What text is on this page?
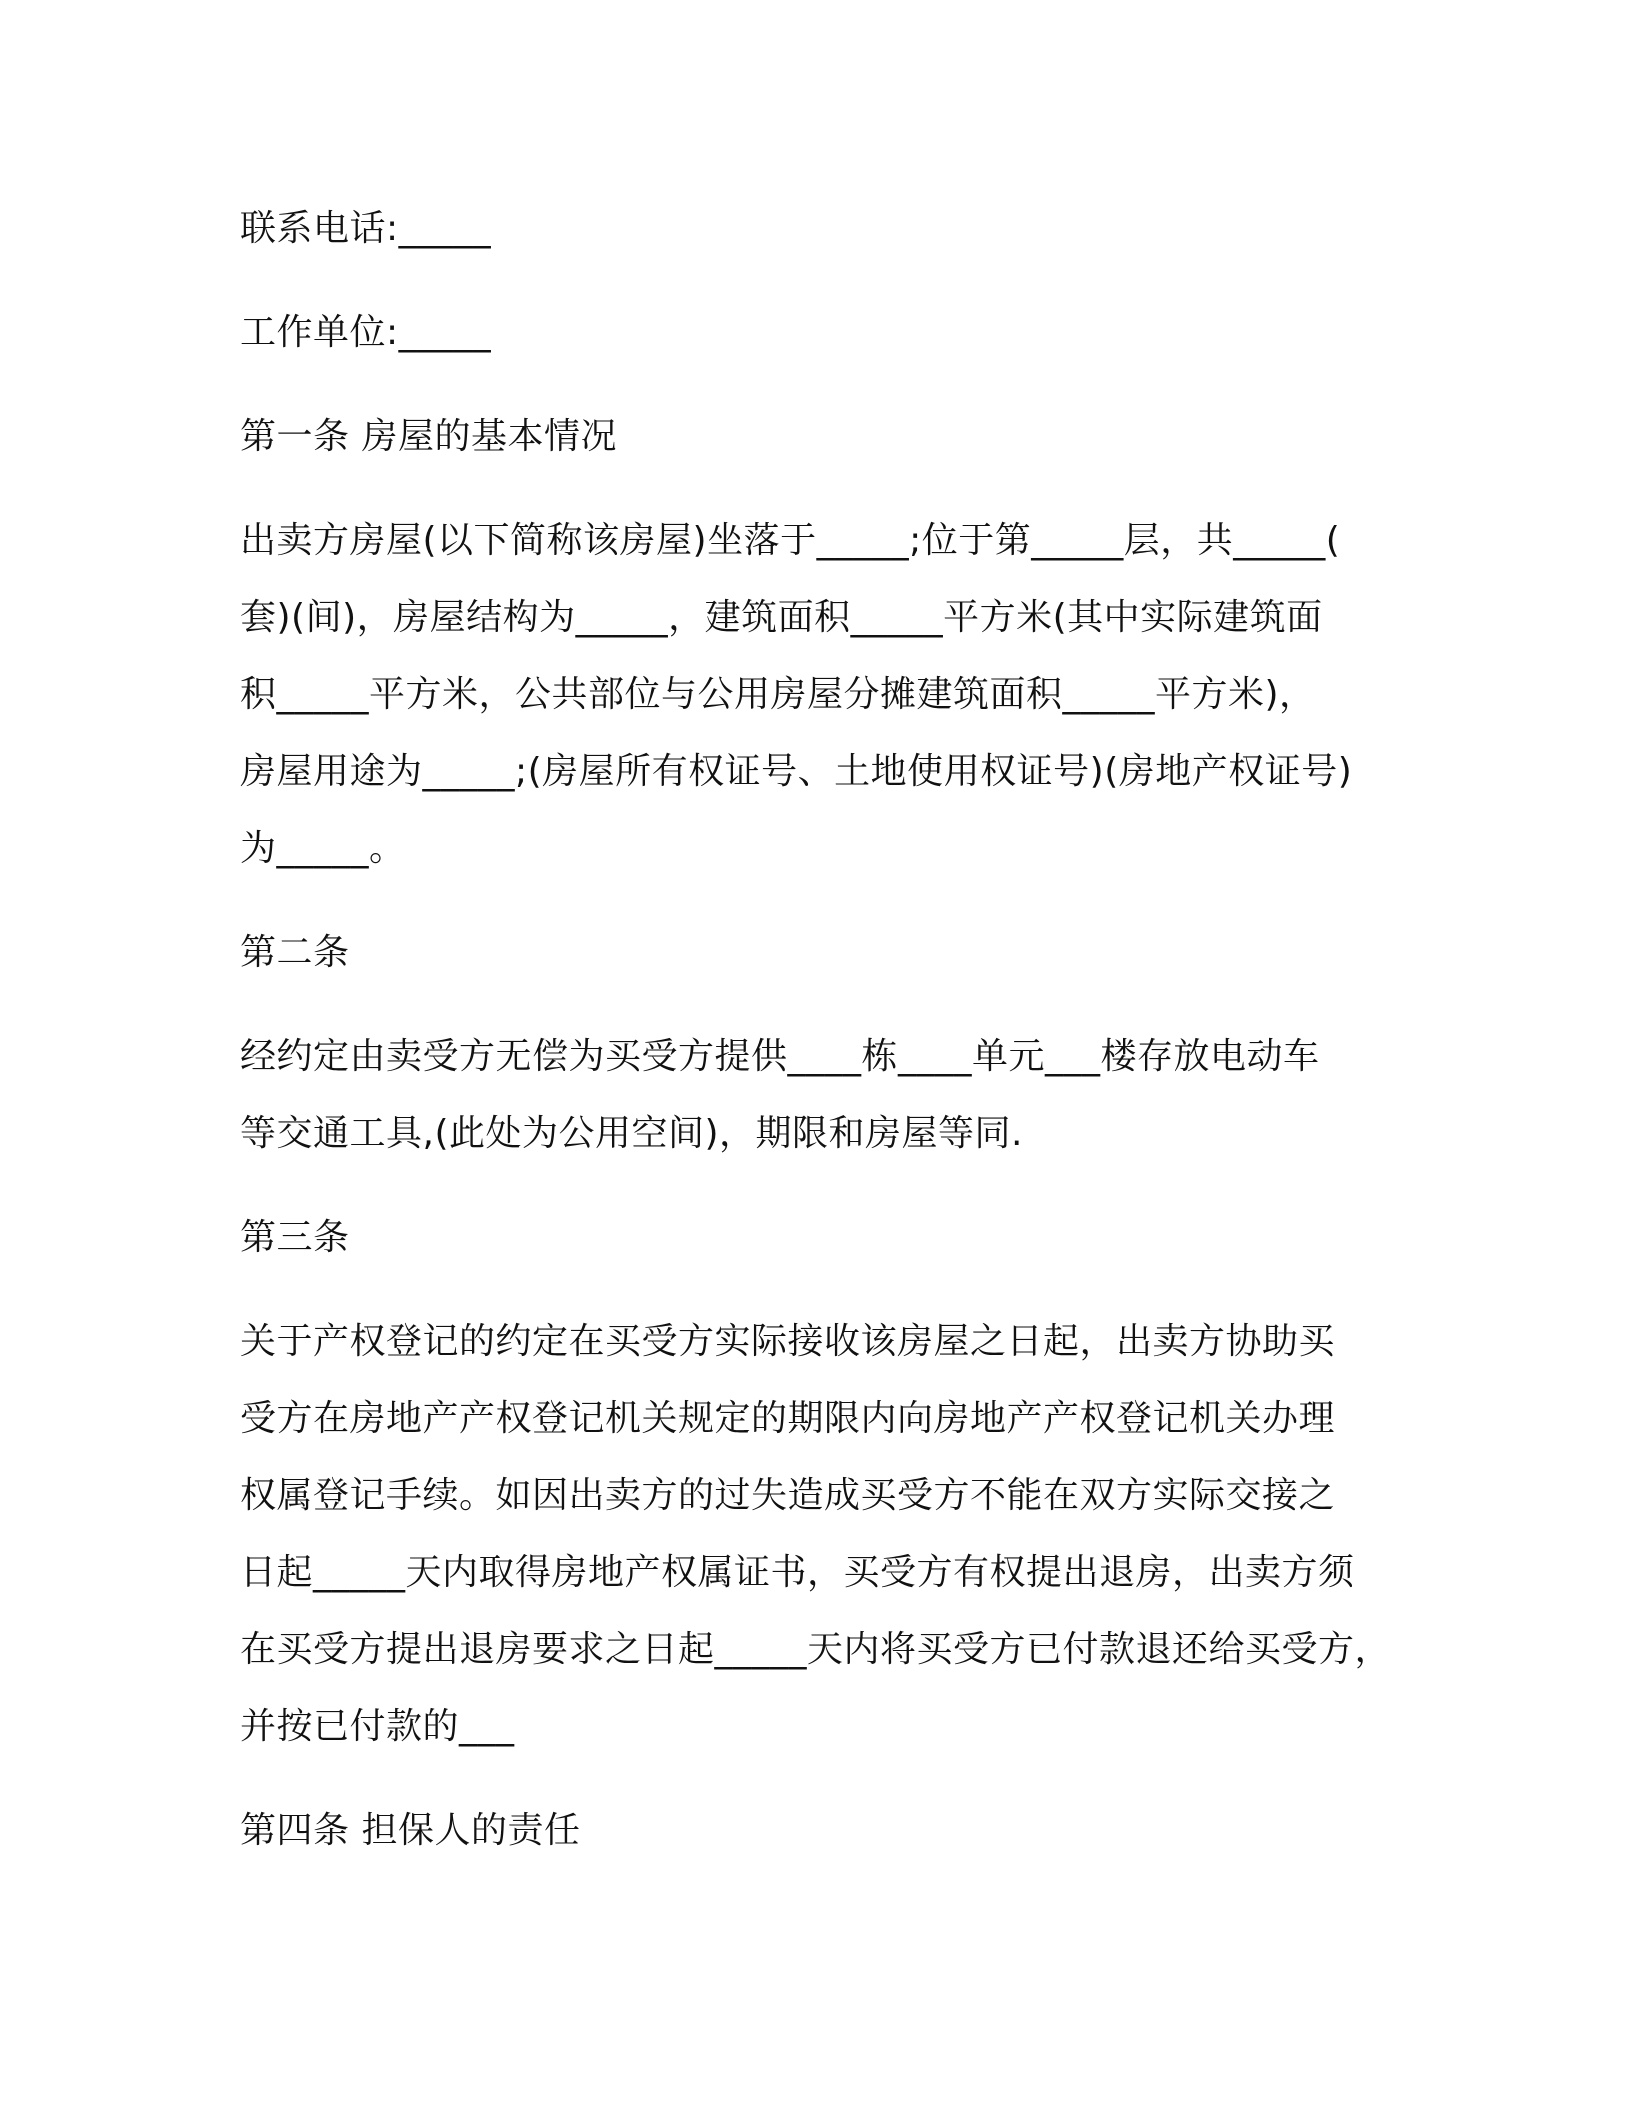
联系电话:_____

工作单位:_____

第一条 房屋的基本情况

出卖方房屋(以下简称该房屋)坐落于_____;位于第_____层，共_____(

套)(间)，房屋结构为_____，建筑面积_____平方米(其中实际建筑面

积_____平方米，公共部位与公用房屋分摊建筑面积_____平方米)，

房屋用途为_____;(房屋所有权证号、土地使用权证号)(房地产权证号)

为_____。

第二条

经约定由卖受方无偿为买受方提供____栋____单元___楼存放电动车

等交通工具,(此处为公用空间)，期限和房屋等同.

第三条

关于产权登记的约定在买受方实际接收该房屋之日起，出卖方协助买

受方在房地产产权登记机关规定的期限内向房地产产权登记机关办理

权属登记手续。如因出卖方的过失造成买受方不能在双方实际交接之

日起_____天内取得房地产权属证书，买受方有权提出退房，出卖方须

在买受方提出退房要求之日起_____天内将买受方已付款退还给买受方，

并按已付款的___

第四条 担保人的责任
